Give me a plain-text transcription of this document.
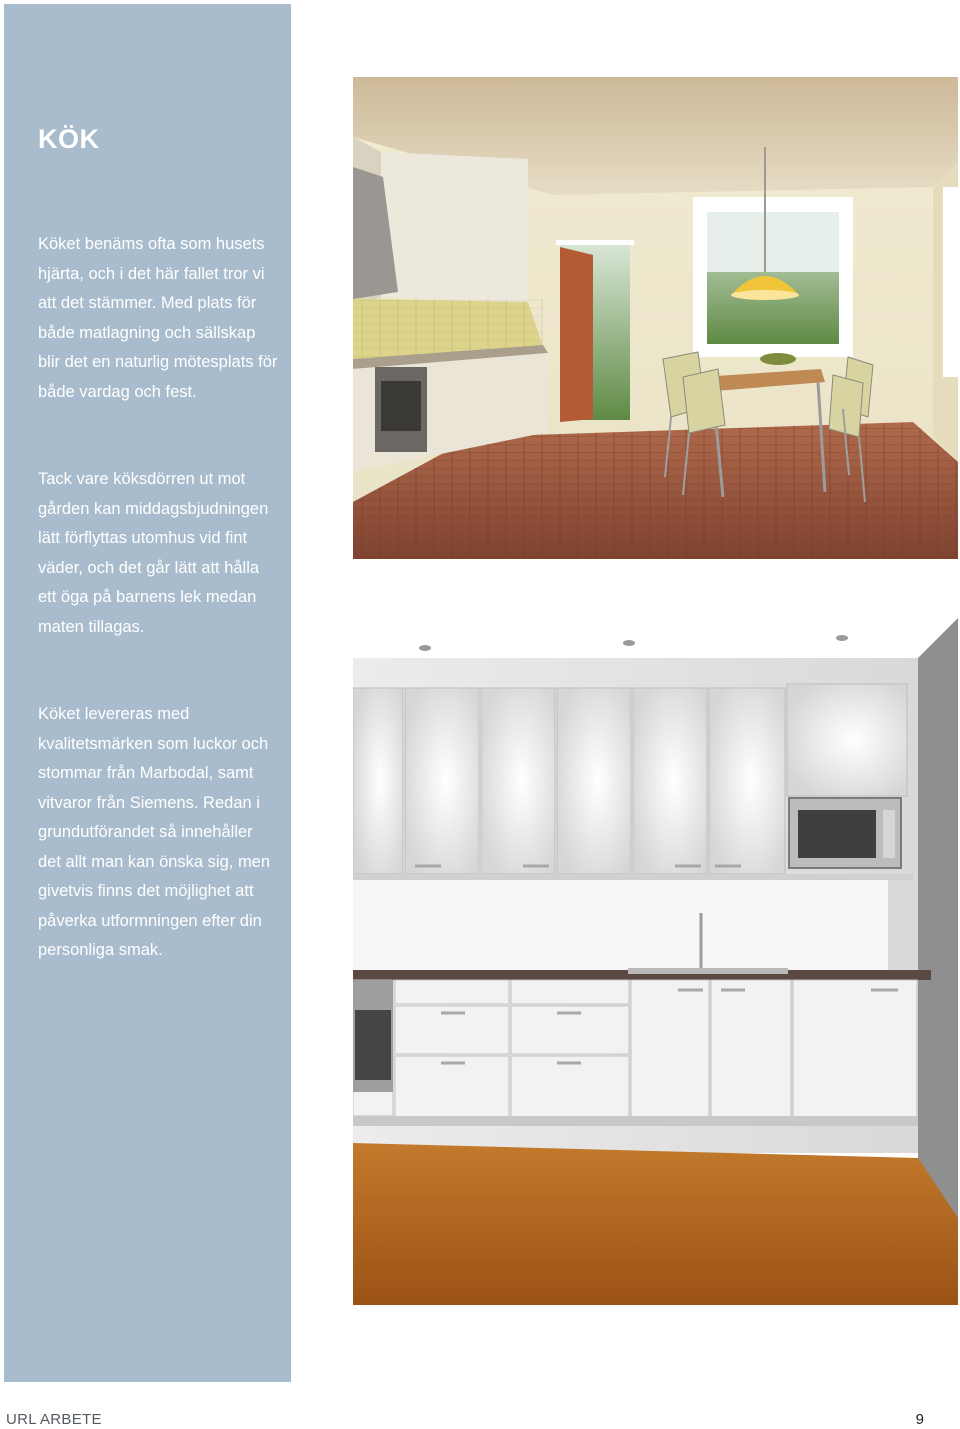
KÖK

Köket benäms ofta som husets hjärta, och i det här fallet tror vi att det stämmer. Med plats för både matlagning och sällskap blir det en naturlig mötesplats för både vardag och fest.

Tack vare köksdörren ut mot gården kan middagsbjudningen lätt förflyttas utomhus vid fint väder, och det går lätt att hålla ett öga på barnens lek medan maten tillagas.

Köket levereras med kvalitetsmärken som luckor och stommar från Marbodal, samt vitvaror från Siemens. Redan i grundutförandet så innehåller det allt man kan önska sig, men givetvis finns det möjlighet att påverka utformningen efter din personliga smak.

URL ARBETE	9
